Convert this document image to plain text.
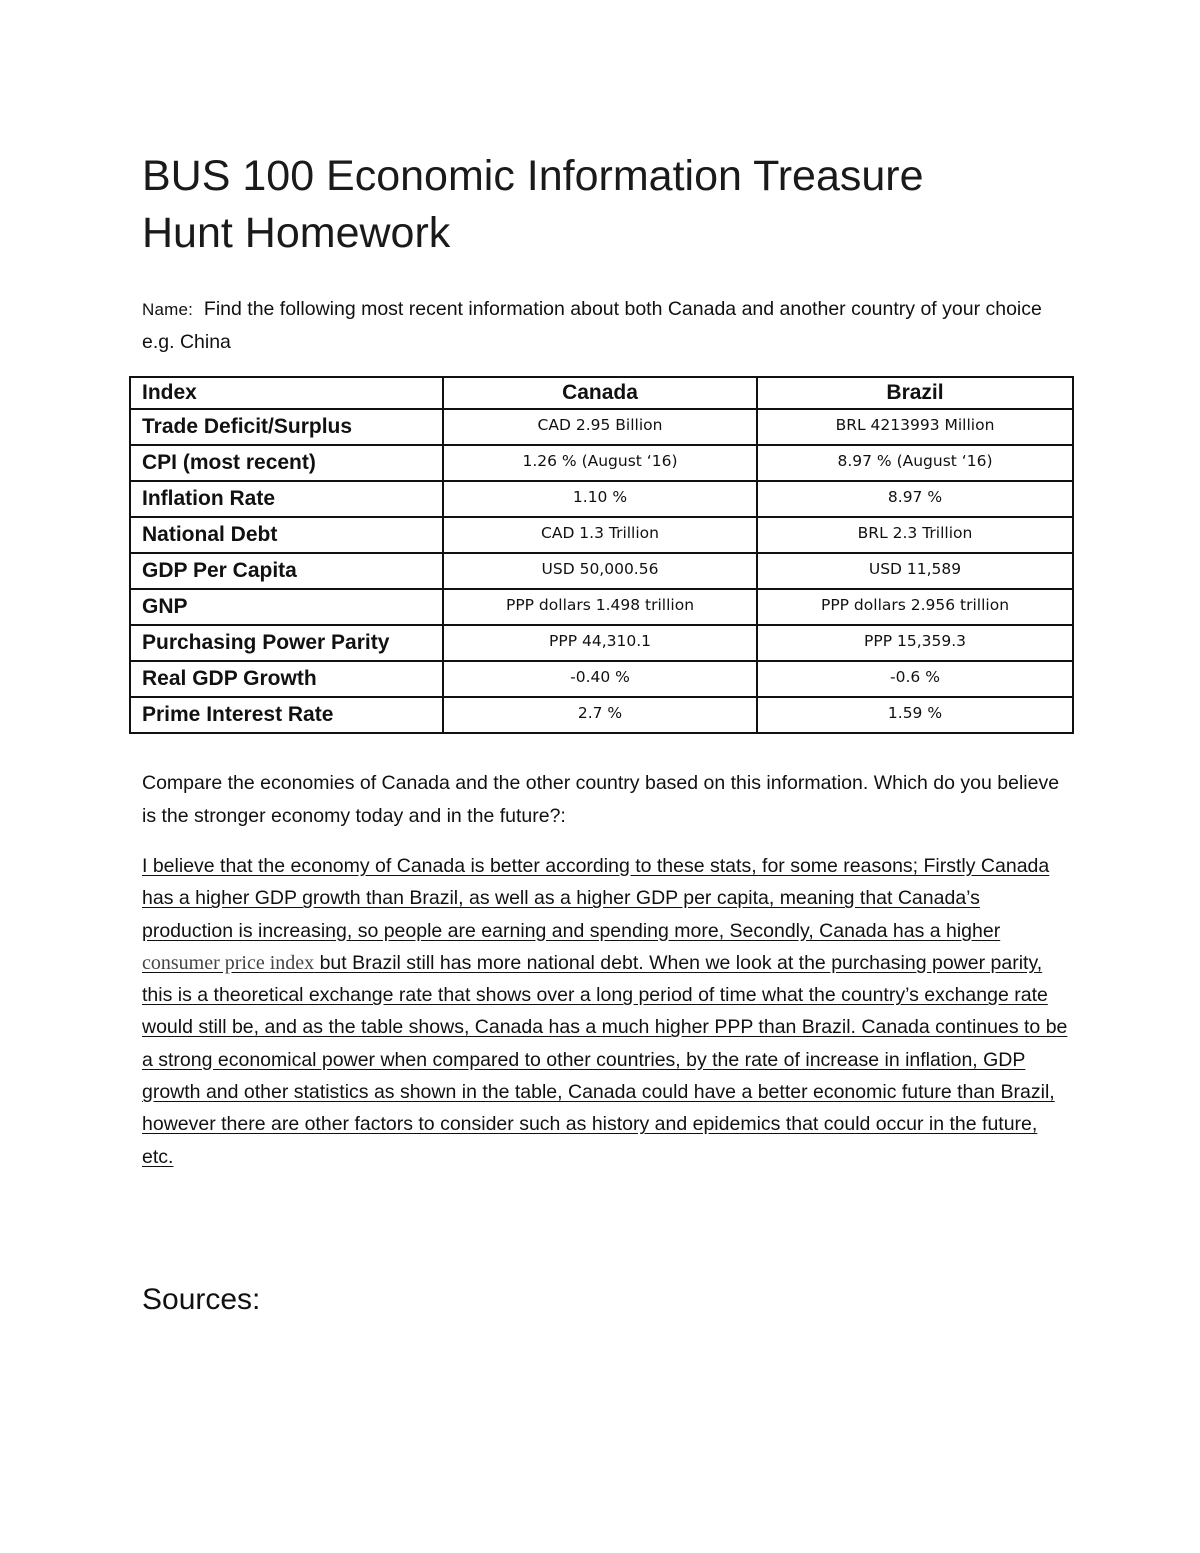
BUS 100 Economic Information Treasure
Hunt Homework

Name: Find the following most recent information about both Canada and another country of your choice e.g. China

Index	Canada	Brazil
Trade Deficit/Surplus	CAD 2.95 Billion	BRL 4213993 Million
CPI (most recent)	1.26 % (August ‘16)	8.97 % (August ‘16)
Inflation Rate	1.10 %	8.97 %
National Debt	CAD 1.3 Trillion	BRL 2.3 Trillion
GDP Per Capita	USD 50,000.56	USD 11,589
GNP	PPP dollars 1.498 trillion	PPP dollars 2.956 trillion
Purchasing Power Parity	PPP 44,310.1	PPP 15,359.3
Real GDP Growth	-0.40 %	-0.6 %
Prime Interest Rate	2.7 %	1.59 %

Compare the economies of Canada and the other country based on this information. Which do you believe is the stronger economy today and in the future?:

I believe that the economy of Canada is better according to these stats, for some reasons; Firstly Canada has a higher GDP growth than Brazil, as well as a higher GDP per capita, meaning that Canada’s production is increasing, so people are earning and spending more, Secondly, Canada has a higher consumer price index but Brazil still has more national debt. When we look at the purchasing power parity, this is a theoretical exchange rate that shows over a long period of time what the country’s exchange rate would still be, and as the table shows, Canada has a much higher PPP than Brazil. Canada continues to be a strong economical power when compared to other countries, by the rate of increase in inflation, GDP growth and other statistics as shown in the table, Canada could have a better economic future than Brazil, however there are other factors to consider such as history and epidemics that could occur in the future, etc.

Sources:
